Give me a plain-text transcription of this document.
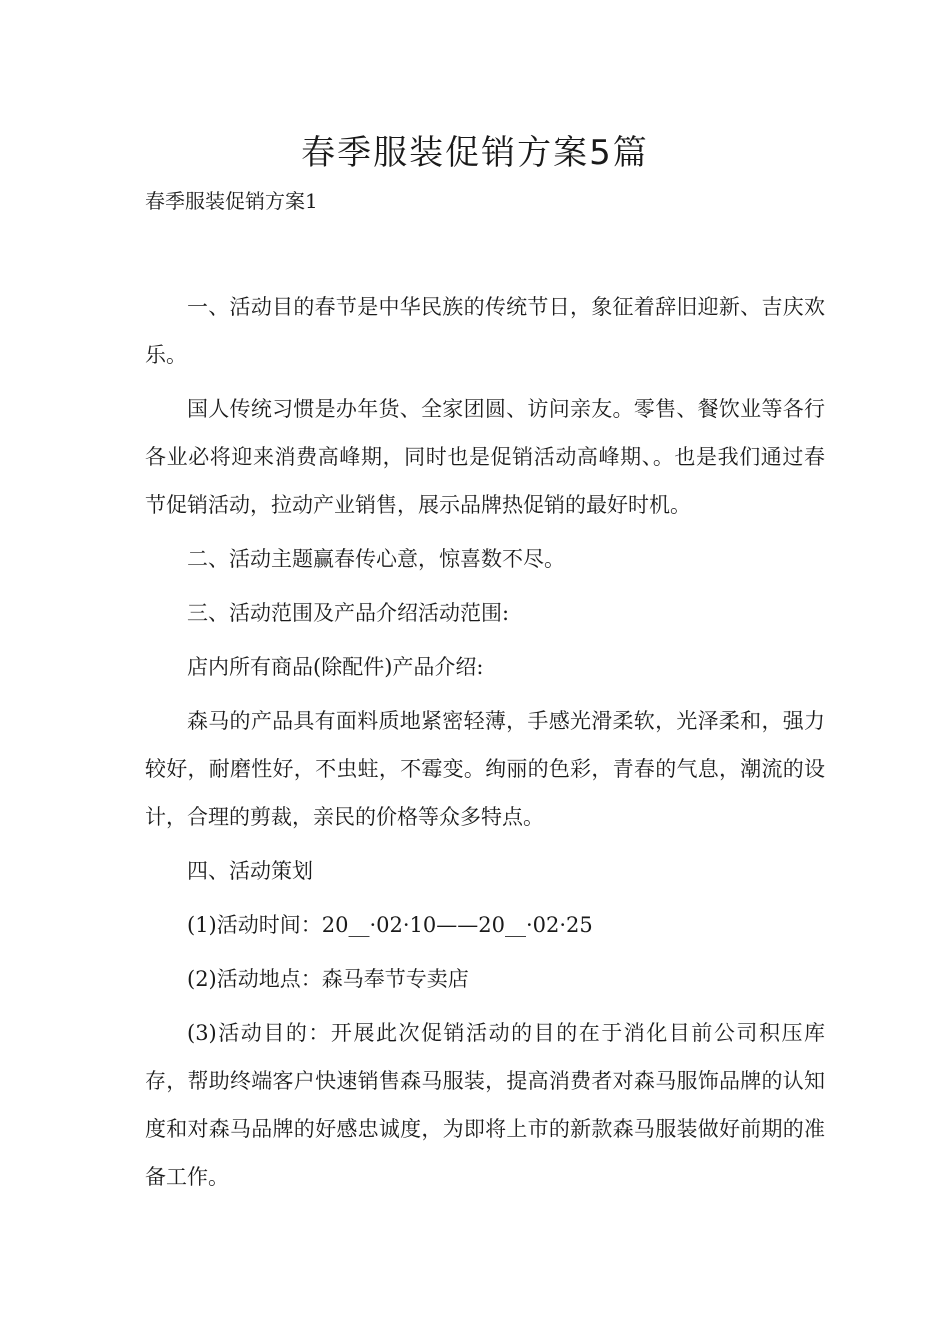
春季服装促销方案5篇

春季服装促销方案1

一、活动目的春节是中华民族的传统节日，象征着辞旧迎新、吉庆欢乐。

国人传统习惯是办年货、全家团圆、访问亲友。零售、餐饮业等各行各业必将迎来消费高峰期，同时也是促销活动高峰期、。也是我们通过春节促销活动，拉动产业销售，展示品牌热促销的最好时机。

二、活动主题赢春传心意，惊喜数不尽。

三、活动范围及产品介绍活动范围:

店内所有商品(除配件)产品介绍:

森马的产品具有面料质地紧密轻薄，手感光滑柔软，光泽柔和，强力较好，耐磨性好，不虫蛀，不霉变。绚丽的色彩，青春的气息，潮流的设计，合理的剪裁，亲民的价格等众多特点。

四、活动策划

(1)活动时间：20__·02·10——20__·02·25

(2)活动地点：森马奉节专卖店

(3)活动目的：开展此次促销活动的目的在于消化目前公司积压库存，帮助终端客户快速销售森马服装，提高消费者对森马服饰品牌的认知度和对森马品牌的好感忠诚度，为即将上市的新款森马服装做好前期的准备工作。
